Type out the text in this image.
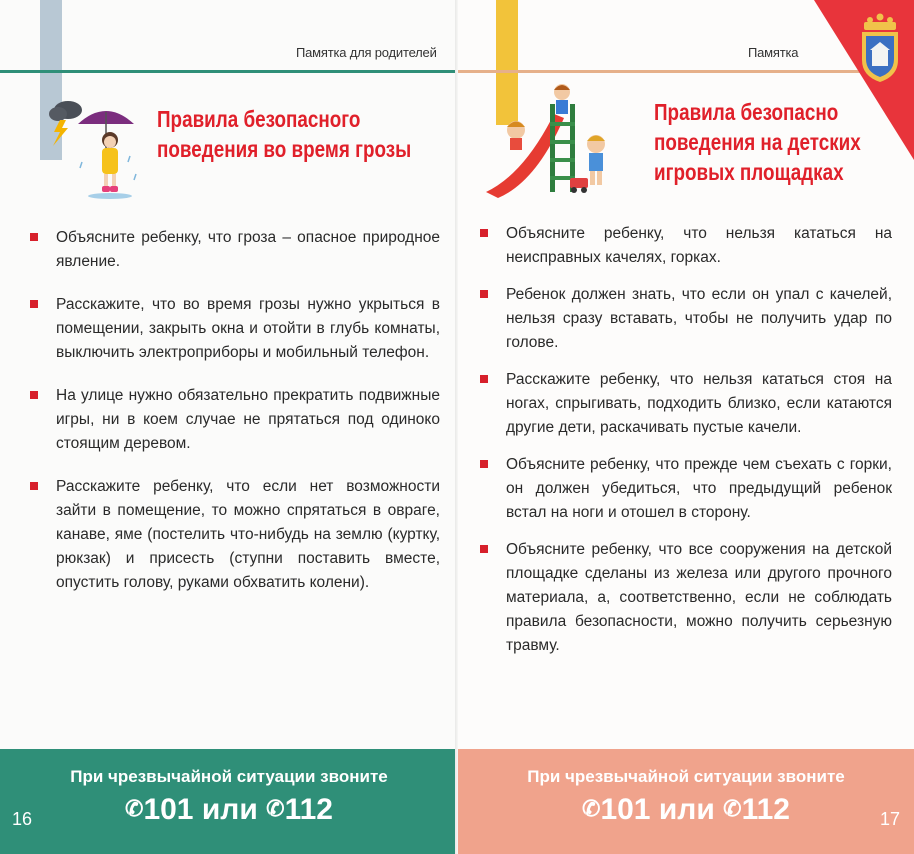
Памятка для родителей
Правила безопасного
поведения во время грозы
Объясните ребенку, что гроза – опасное природное явление.
Расскажите, что во время грозы нужно укрыться в помещении, закрыть окна и отойти в глубь комнаты, выключить электроприборы и мобильный телефон.
На улице нужно обязательно прекратить подвижные игры, ни в коем случае не прятаться под одиноко стоящим деревом.
Расскажите ребенку, что если нет возможности зайти в помещение, то можно спрятаться в овраге, канаве, яме (постелить что-нибудь на землю (куртку, рюкзак) и присесть (ступни поставить вместе, опустить голову, руками обхватить колени).
При чрезвычайной ситуации звоните
✆101 или ✆112
16
Памятка
Правила безопасно
поведения на детских
игровых площадках
Объясните ребенку, что нельзя кататься на неисправных качелях, горках.
Ребенок должен знать, что если он упал с качелей, нельзя сразу вставать, чтобы не получить удар по голове.
Расскажите ребенку, что нельзя кататься стоя на ногах, спрыгивать, подходить близко, если катаются другие дети, раскачивать пустые качели.
Объясните ребенку, что прежде чем съехать с горки, он должен убедиться, что предыдущий ребенок встал на ноги и отошел в сторону.
Объясните ребенку, что все сооружения на детской площадке сделаны из железа или другого прочного материала, а, соответственно, если не соблюдать правила безопасности, можно получить серьезную травму.
При чрезвычайной ситуации звоните
✆101 или ✆112	17
